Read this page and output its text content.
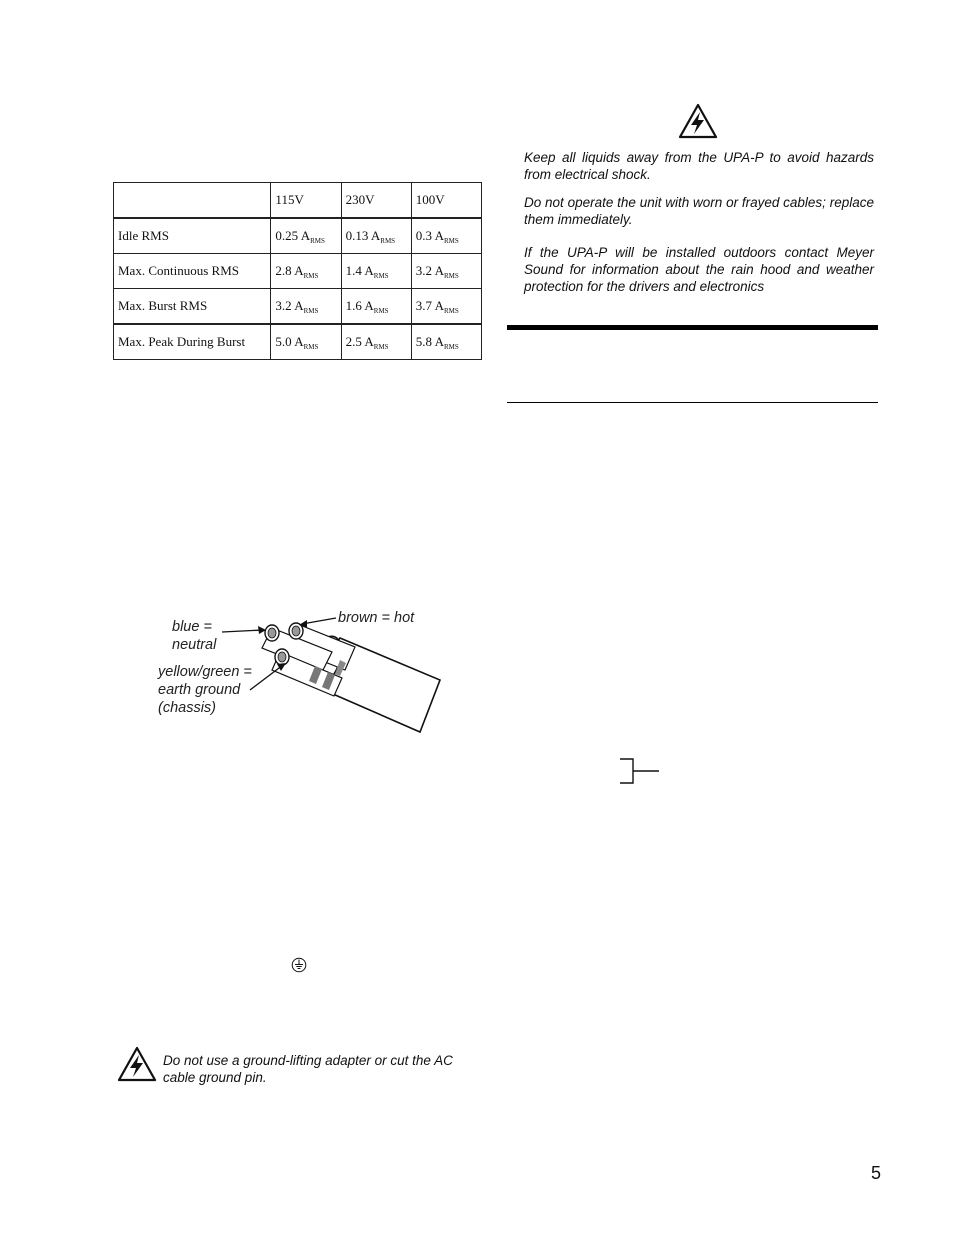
	115V	230V	100V
Idle RMS	0.25 $A_{RMS}$	0.13 $A_{RMS}$	0.3 $A_{RMS}$
Max. Continuous RMS	2.8 $A_{RMS}$	1.4 $A_{RMS}$	3.2 $A_{RMS}$
Max. Burst RMS	3.2 $A_{RMS}$	1.6 $A_{RMS}$	3.7 $A_{RMS}$
Max. Peak During Burst	5.0 $A_{RMS}$	2.5 $A_{RMS}$	5.8 $A_{RMS}$
blue =
neutral
brown = hot
yellow/green =
earth ground
(chassis)

Keep all liquids away from the UPA-P to avoid hazards from electrical shock.

Do not operate the unit with worn or frayed cables; replace them immediately.

If the UPA-P will be installed outdoors contact Meyer Sound for information about the rain hood and weather protection for the drivers and electronics

Do not use a ground-lifting adapter or cut the AC cable ground pin.
5
